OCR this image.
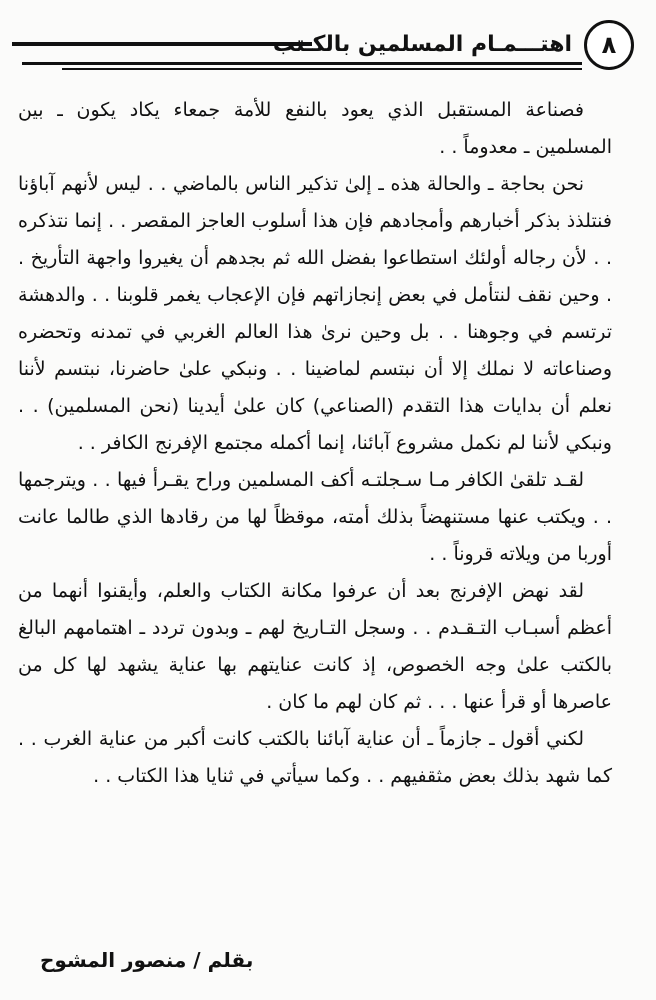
٨
اهتـــمـام المسلمين بالكـتب

فصناعة المستقبل الذي يعود بالنفع للأمة جمعاء يكاد يكون ـ بين المسلمين ـ معدوماً . .

نحن بحاجة ـ والحالة هذه ـ إلىٰ تذكير الناس بالماضي . . ليس لأنهم آباؤنا فنتلذذ بذكر أخبارهم وأمجادهم فإن هذا أسلوب العاجز المقصر . . إنما نتذكره . . لأن رجاله أولئك استطاعوا بفضل الله ثم بجدهم أن يغيروا واجهة التأريخ . . وحين نقف لنتأمل في بعض إنجازاتهم فإن الإعجاب يغمر قلوبنا . . والدهشة ترتسم في وجوهنا . . بل وحين نرىٰ هذا العالم الغربي في تمدنه وتحضره وصناعاته لا نملك إلا أن نبتسم لماضينا . . ونبكي علىٰ حاضرنا، نبتسم لأننا نعلم أن بدايات هذا التقدم (الصناعي) كان علىٰ أيدينا (نحن المسلمين) . . ونبكي لأننا لم نكمل مشروع آبائنا، إنما أكمله مجتمع الإفرنج الكافر . .

لقـد تلقىٰ الكافر مـا سـجلتـه أكف المسلمين وراح يقـرأ فيها . . ويترجمها . . ويكتب عنها مستنهضاً بذلك أمته، موقظاً لها من رقادها الذي طالما عانت أوربا من ويلاته قروناً . .

لقد نهض الإفرنج بعد أن عرفوا مكانة الكتاب والعلم، وأيقنوا أنهما من أعظم أسبـاب التـقـدم . . وسجل التـاريخ لهم ـ وبدون تردد ـ اهتمامهم البالغ بالكتب علىٰ وجه الخصوص، إذ كانت عنايتهم بها عناية يشهد لها كل من عاصرها أو قرأ عنها . . . ثم كان لهم ما كان .

لكني أقول ـ جازماً ـ أن عناية آبائنا بالكتب كانت أكبر من عناية الغرب . . كما شهد بذلك بعض مثقفيهم . . وكما سيأتي في ثنايا هذا الكتاب . .

بقلم / منصور المشوح
